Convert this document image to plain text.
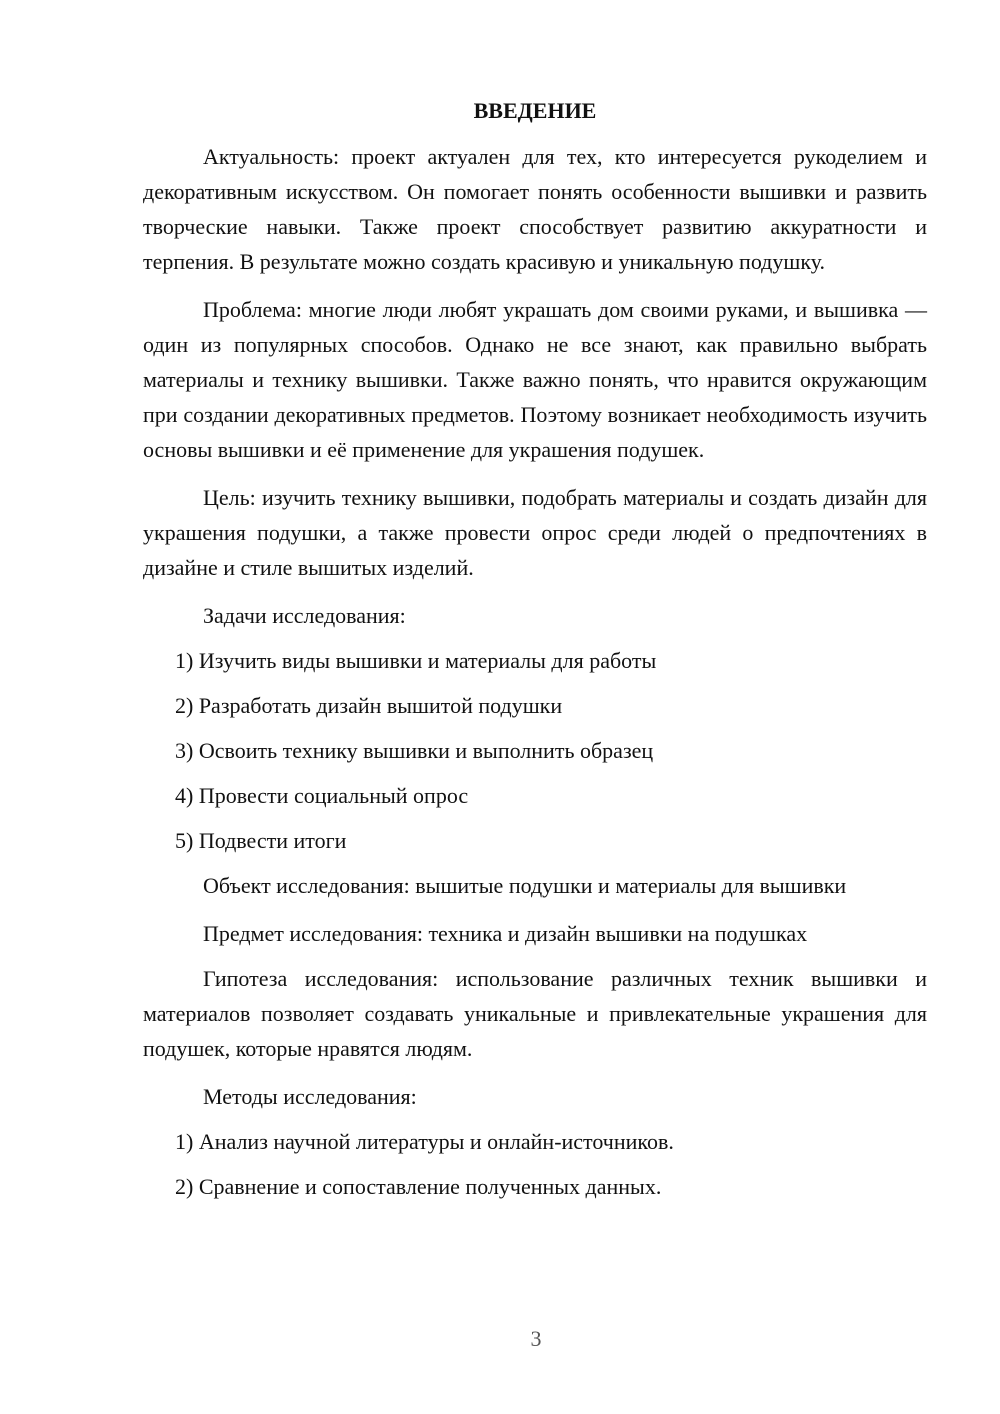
ВВЕДЕНИЕ

Актуальность: проект актуален для тех, кто интересуется рукоделием и декоративным искусством. Он помогает понять особенности вышивки и развить творческие навыки. Также проект способствует развитию аккуратности и терпения. В результате можно создать красивую и уникальную подушку.

Проблема: многие люди любят украшать дом своими руками, и вышивка — один из популярных способов. Однако не все знают, как правильно выбрать материалы и технику вышивки. Также важно понять, что нравится окружающим при создании декоративных предметов. Поэтому возникает необходимость изучить основы вышивки и её применение для украшения подушек.

Цель: изучить технику вышивки, подобрать материалы и создать дизайн для украшения подушки, а также провести опрос среди людей о предпочтениях в дизайне и стиле вышитых изделий.

Задачи исследования:

1) Изучить виды вышивки и материалы для работы
2) Разработать дизайн вышитой подушки
3) Освоить технику вышивки и выполнить образец
4) Провести социальный опрос
5) Подвести итоги

Объект исследования: вышитые подушки и материалы для вышивки

Предмет исследования: техника и дизайн вышивки на подушках

Гипотеза исследования: использование различных техник вышивки и материалов позволяет создавать уникальные и привлекательные украшения для подушек, которые нравятся людям.

Методы исследования:

1) Анализ научной литературы и онлайн-источников.
2) Сравнение и сопоставление полученных данных.
3
